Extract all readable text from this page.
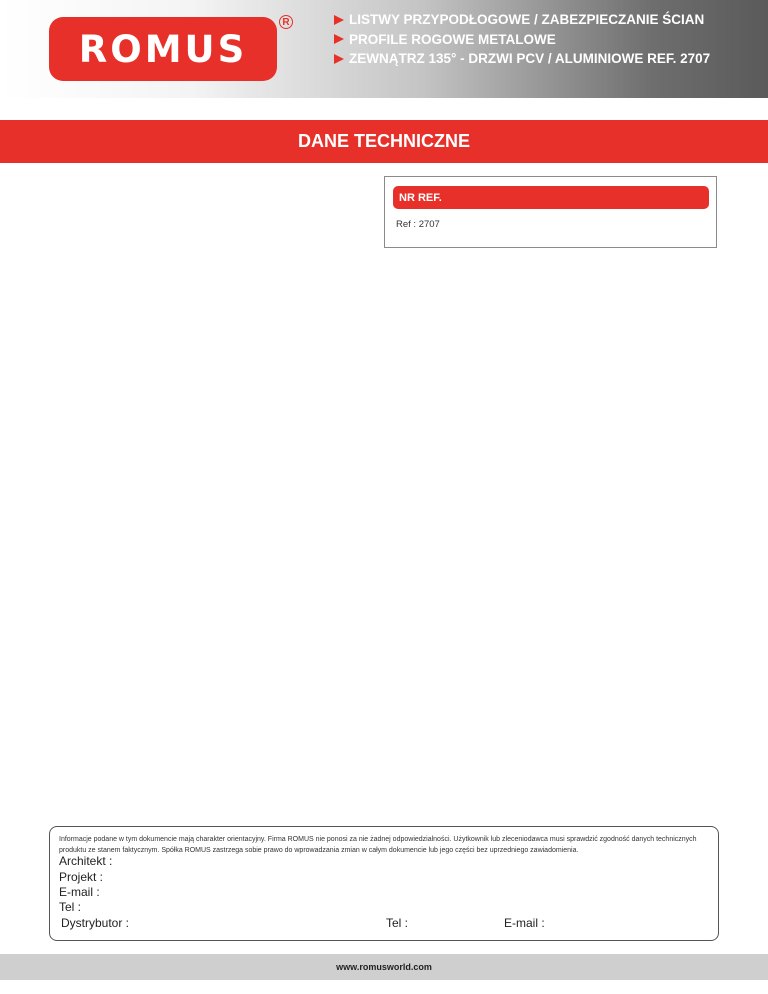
ROMUS
R	LISTWY PRZYPODŁOGOWE / ZABEZPIECZANIE ŚCIAN
PROFILE ROGOWE METALOWE
ZEWNĄTRZ 135° - DRZWI PCV / ALUMINIOWE REF. 2707
DANE TECHNICZNE
NR REF.
Ref : 2707
Informacje podane w tym dokumencie mają charakter orientacyjny. Firma ROMUS nie ponosi za nie żadnej odpowiedzialności. Użytkownik lub zleceniodawca musi sprawdzić zgodność danych technicznych produktu ze stanem faktycznym. Spółka ROMUS zastrzega sobie prawo do wprowadzania zmian w całym dokumencie lub jego części bez uprzedniego zawiadomienia.
Architekt :
Projekt :
E-mail :
Tel :
Dystrybutor :	Tel :	E-mail :
www.romusworld.com
